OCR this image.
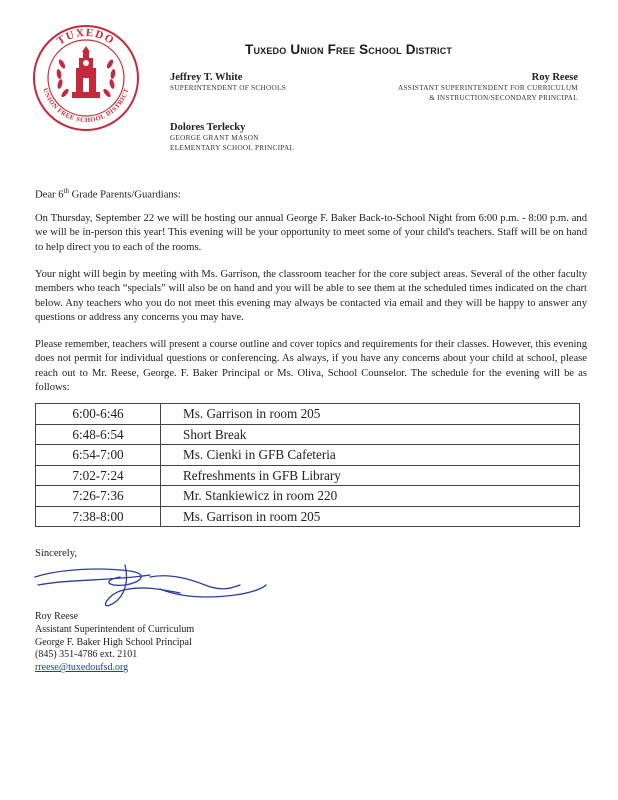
TUXEDO
UNION FREE SCHOOL DISTRICT
Tuxedo Union Free School District
Jeffrey T. White
SUPERINTENDENT OF SCHOOLS
Roy Reese
ASSISTANT SUPERINTENDENT FOR CURRICULUM
& INSTRUCTION/SECONDARY PRINCIPAL
Dolores Terlecky
GEORGE GRANT MASON
ELEMENTARY SCHOOL PRINCIPAL
Dear 6th Grade Parents/Guardians:
On Thursday, September 22 we will be hosting our annual George F. Baker Back-to-School Night from 6:00 p.m. - 8:00 p.m. and we will be in-person this year! This evening will be your opportunity to meet some of your child's teachers. Staff will be on hand to help direct you to each of the rooms.
Your night will begin by meeting with Ms. Garrison, the classroom teacher for the core subject areas. Several of the other faculty members who teach “specials” will also be on hand and you will be able to see them at the scheduled times indicated on the chart below. Any teachers who you do not meet this evening may always be contacted via email and they will be happy to answer any questions or address any concerns you may have.
Please remember, teachers will present a course outline and cover topics and requirements for their classes. However, this evening does not permit for individual questions or conferencing. As always, if you have any concerns about your child at school, please reach out to Mr. Reese, George. F. Baker Principal or Ms. Oliva, School Counselor. The schedule for the evening will be as follows:
6:00-6:46	Ms. Garrison in room 205
6:48-6:54	Short Break
6:54-7:00	Ms. Cienki in GFB Cafeteria
7:02-7:24	Refreshments in GFB Library
7:26-7:36	Mr. Stankiewicz in room 220
7:38-8:00	Ms. Garrison in room 205
Sincerely,
Roy Reese
Assistant Superintendent of Curriculum
George F. Baker High School Principal
(845) 351-4786 ext. 2101
rreese@tuxedoufsd.org
